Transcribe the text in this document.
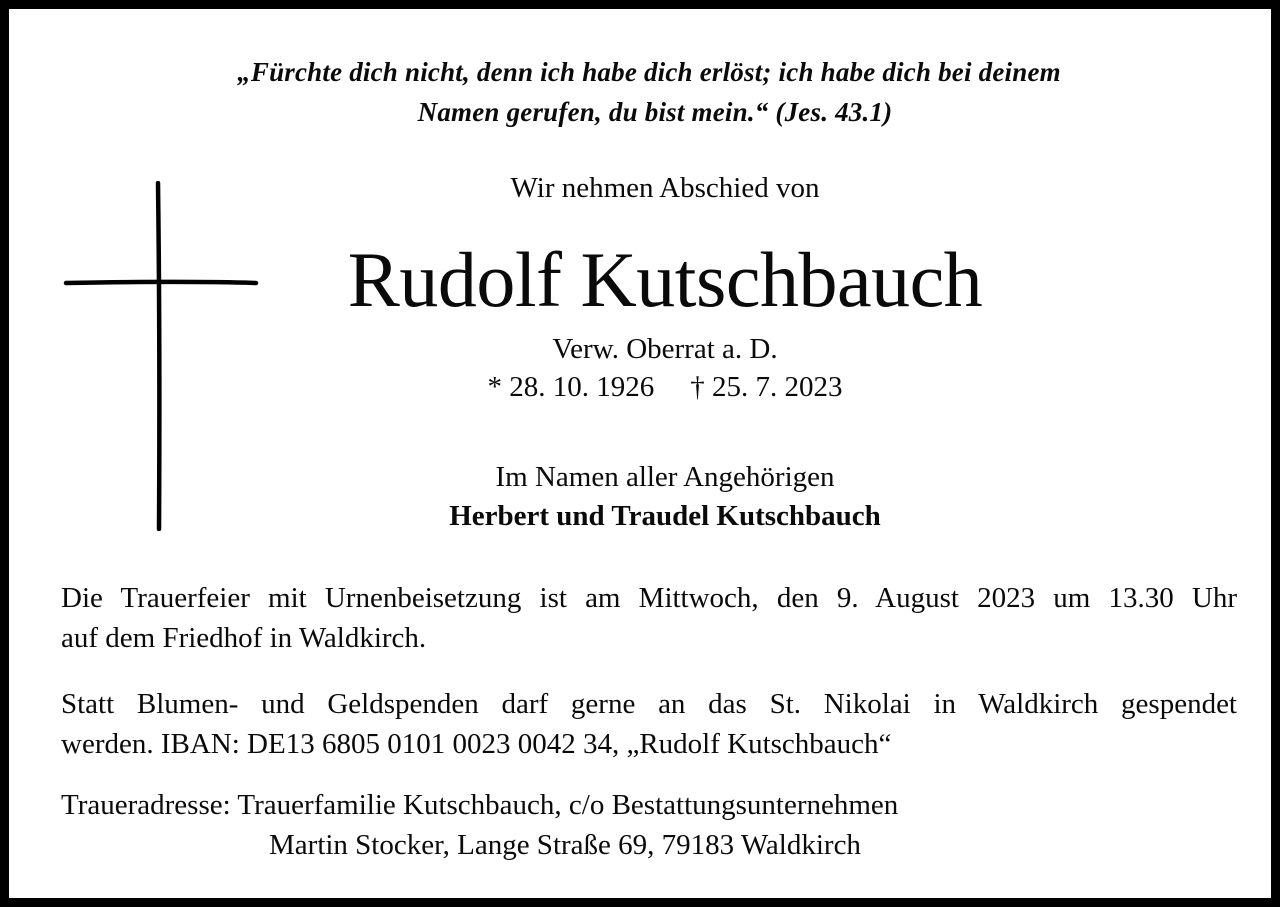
„Fürchte dich nicht, denn ich habe dich erlöst; ich habe dich bei deinem
Namen gerufen, du bist mein.“ (Jes. 43.1)
Wir nehmen Abschied von
Rudolf Kutschbauch
Verw. Oberrat a. D.
* 28. 10. 1926 † 25. 7. 2023
Im Namen aller Angehörigen
Herbert und Traudel Kutschbauch
Die Trauerfeier mit Urnenbeisetzung ist am Mittwoch, den 9. August 2023 um 13.30 Uhr
auf dem Friedhof in Waldkirch.
Statt Blumen- und Geldspenden darf gerne an das St. Nikolai in Waldkirch gespendet
werden. IBAN: DE13 6805 0101 0023 0042 34, „Rudolf Kutschbauch“
Traueradresse: Trauerfamilie Kutschbauch, c/o Bestattungsunternehmen
Martin Stocker, Lange Straße 69, 79183 Waldkirch
